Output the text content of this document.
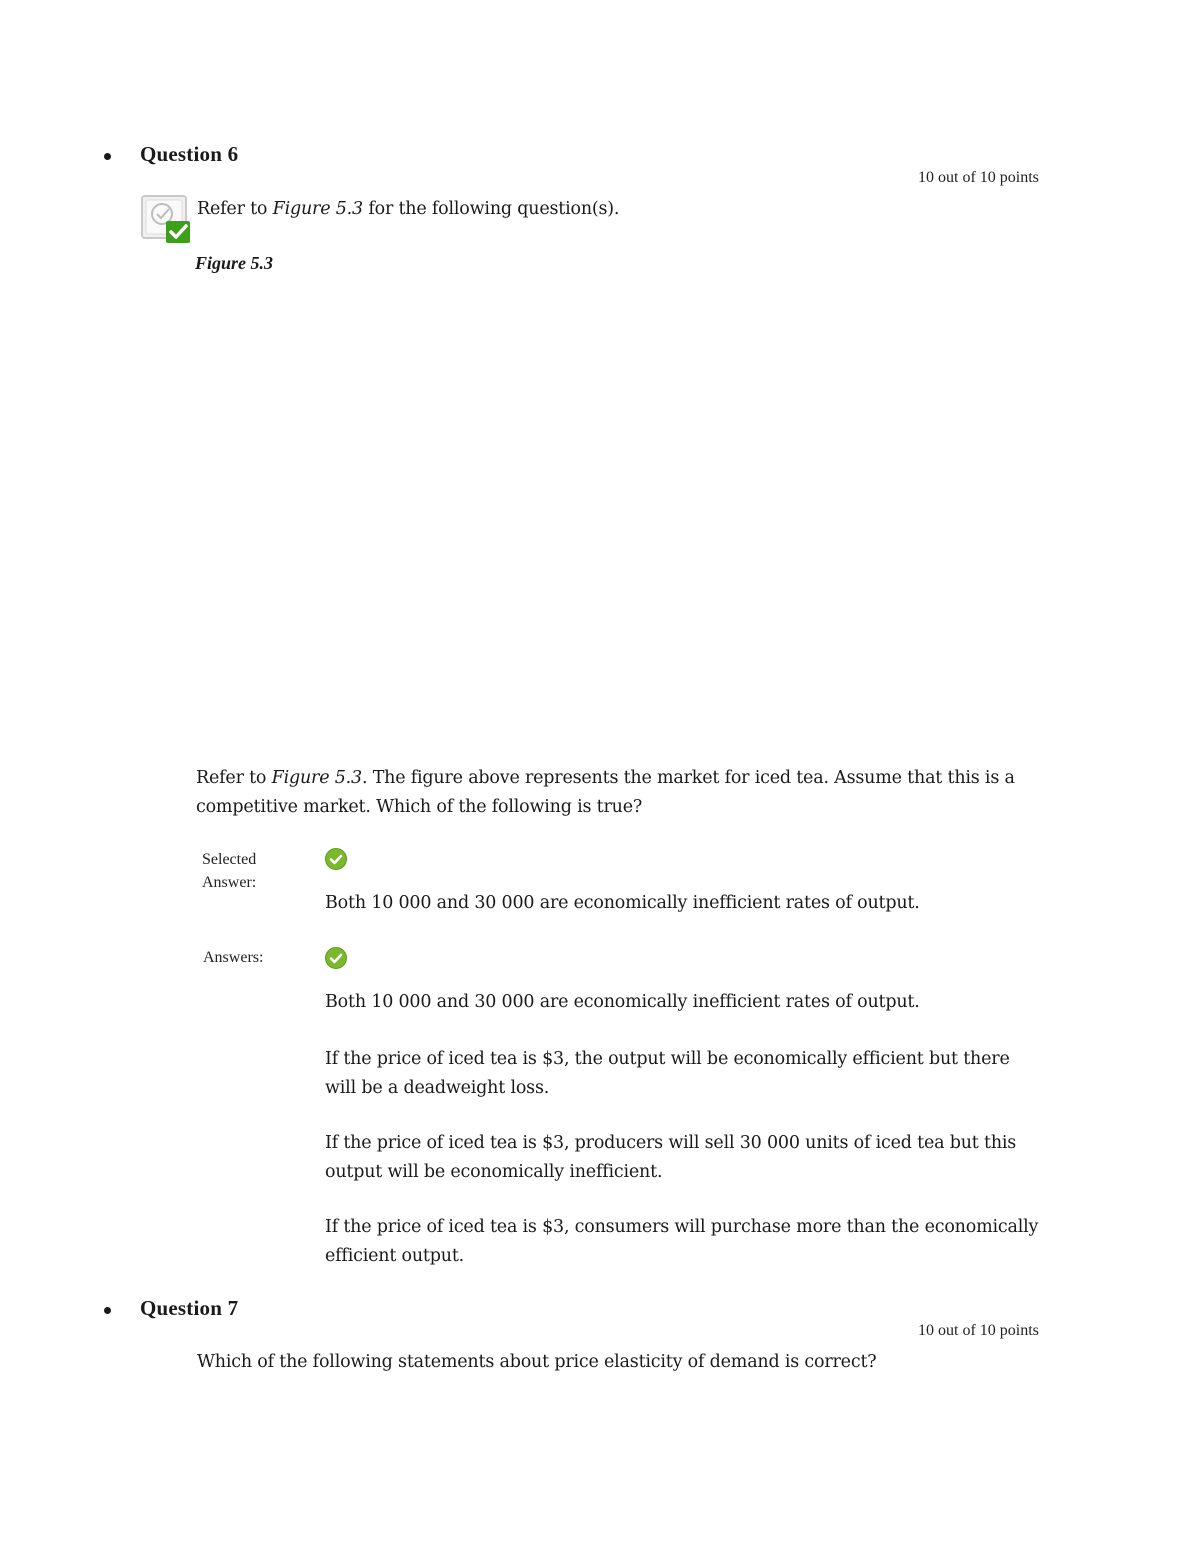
Question 6
10 out of 10 points

Refer to Figure 5.3 for the following question(s).

Figure 5.3
Refer to Figure 5.3. The figure above represents the market for iced tea. Assume that this is a
competitive market. Which of the following is true?
Selected
Answer:
Both 10 000 and 30 000 are economically inefficient rates of output.
Answers:
Both 10 000 and 30 000 are economically inefficient rates of output.
If the price of iced tea is $3, the output will be economically efficient but there
will be a deadweight loss.
If the price of iced tea is $3, producers will sell 30 000 units of iced tea but this
output will be economically inefficient.
If the price of iced tea is $3, consumers will purchase more than the economically
efficient output.
Question 7
10 out of 10 points
Which of the following statements about price elasticity of demand is correct?
